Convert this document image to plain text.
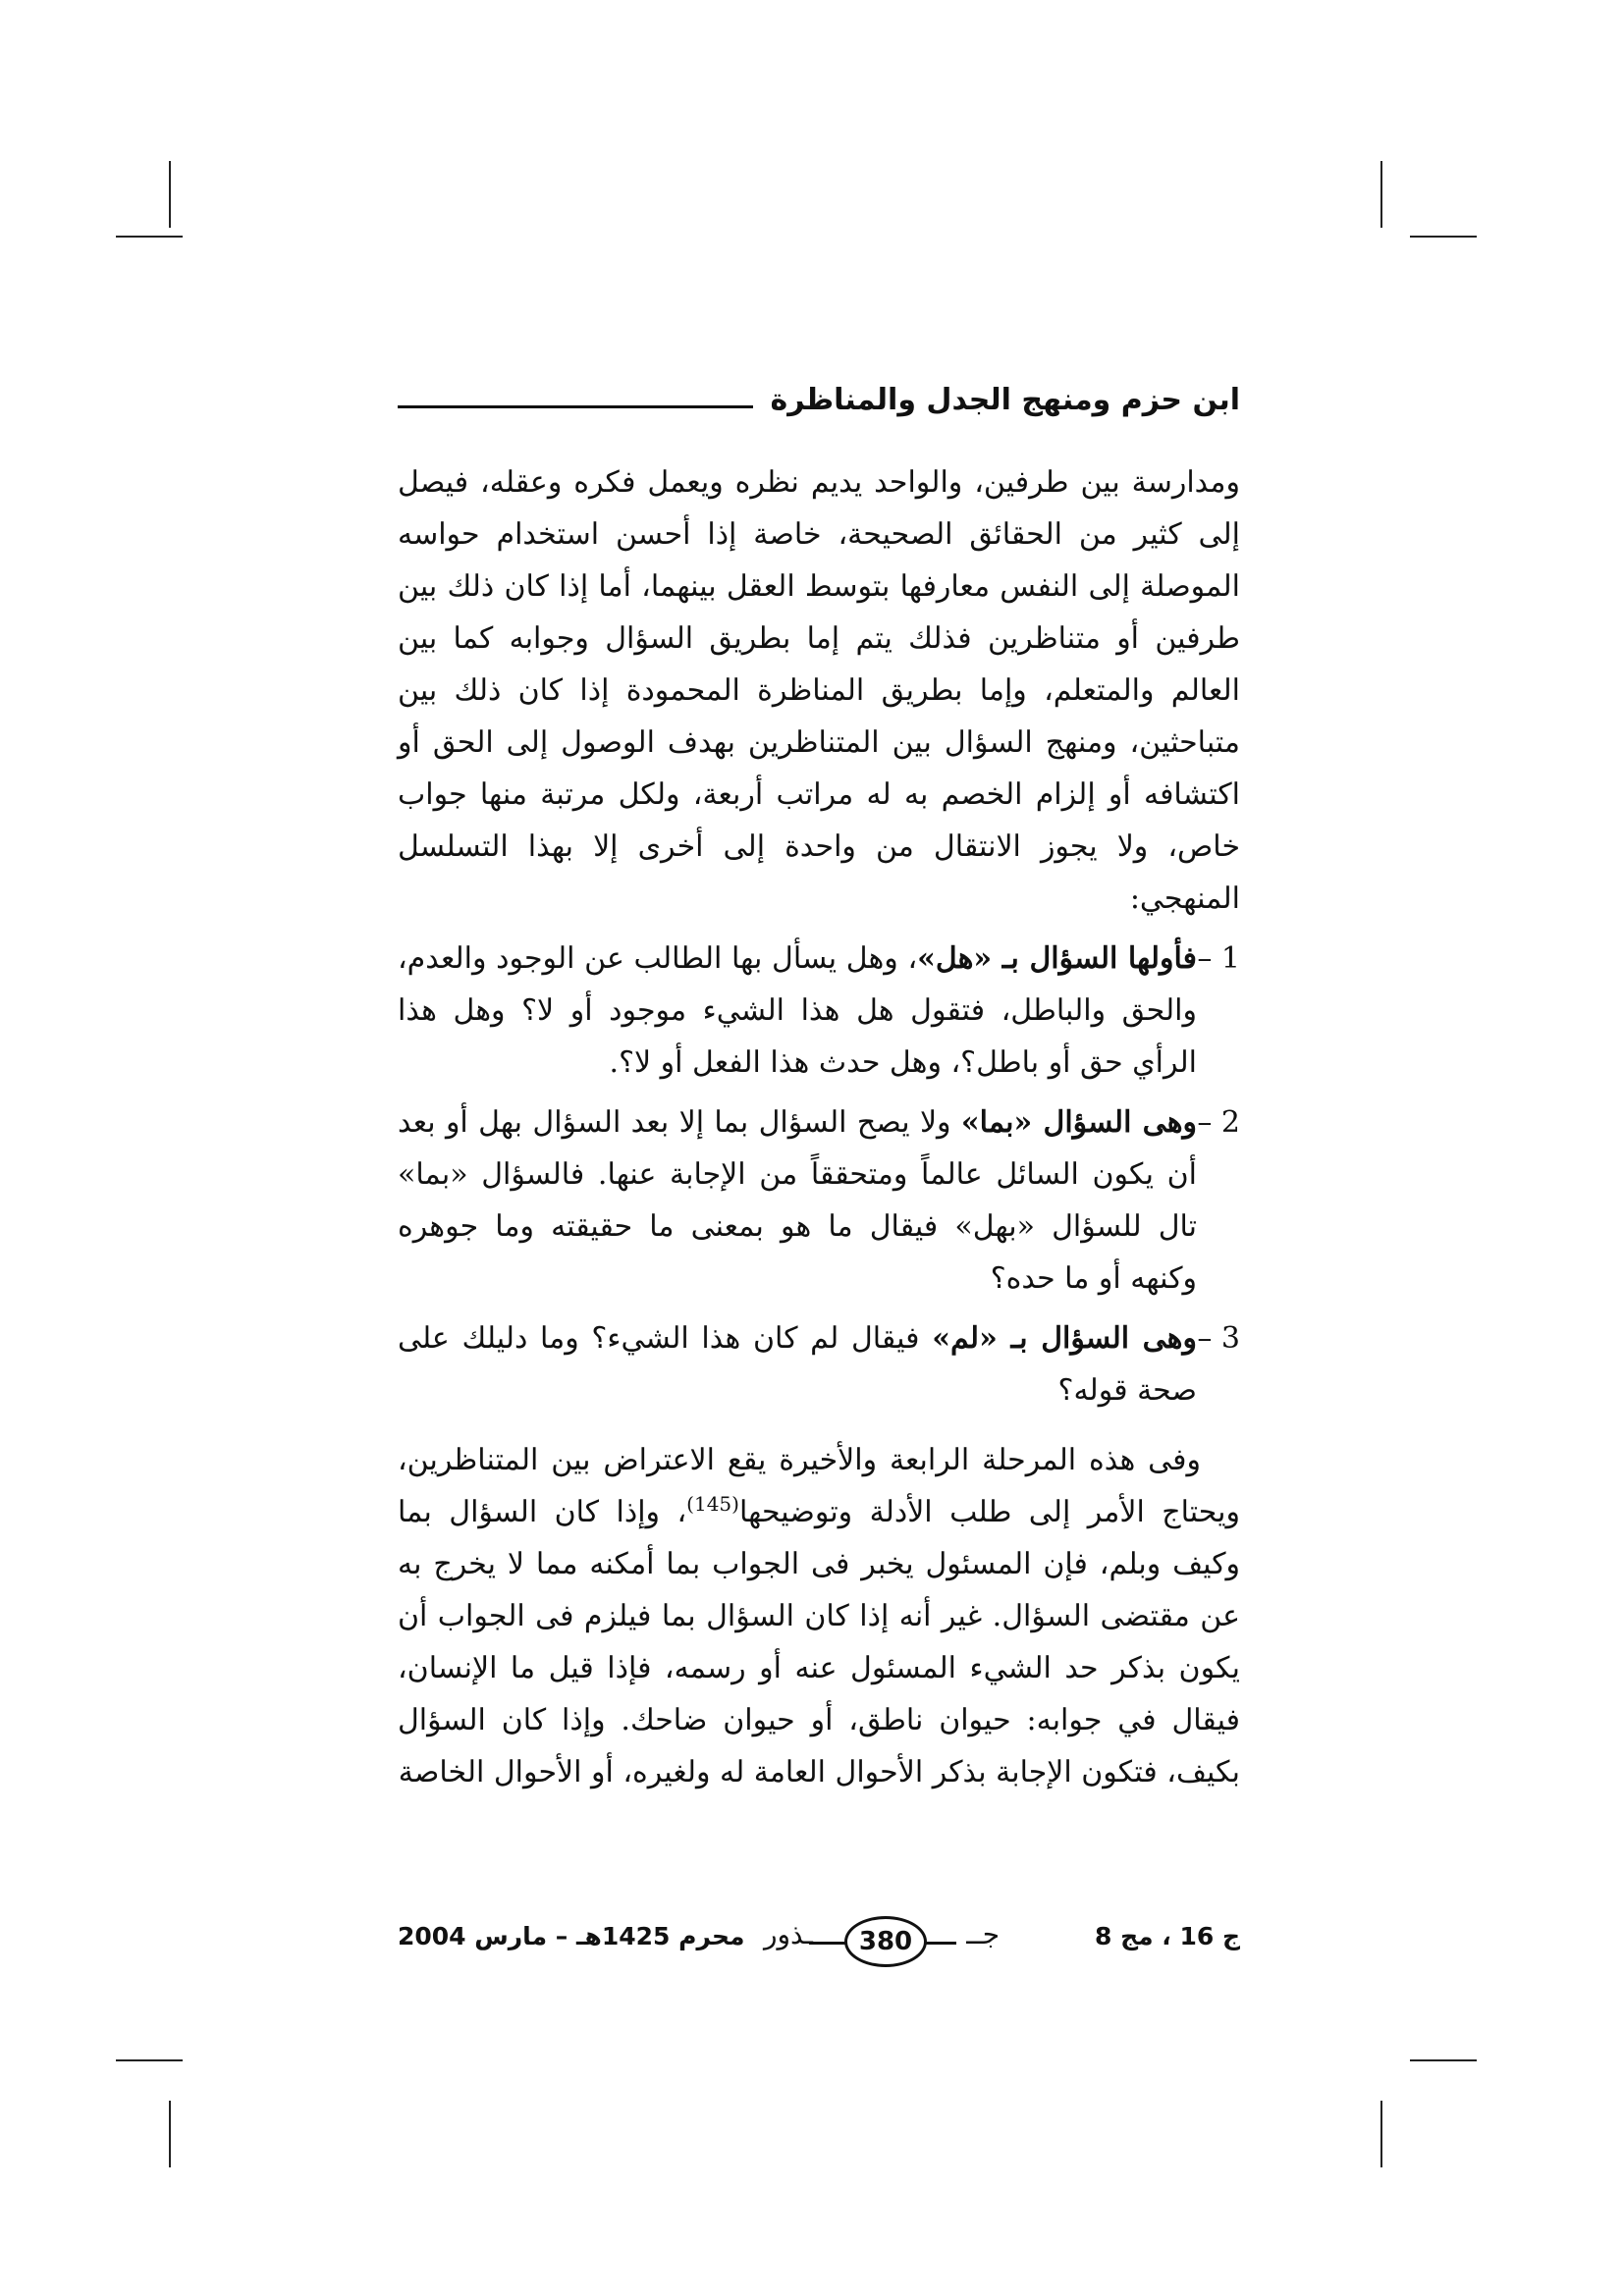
ابن حزم ومنهج الجدل والمناظرة

ومدارسة بين طرفين، والواحد يديم نظره ويعمل فكره وعقله، فيصل إلى كثير من الحقائق الصحيحة، خاصة إذا أحسن استخدام حواسه الموصلة إلى النفس معارفها بتوسط العقل بينهما، أما إذا كان ذلك بين طرفين أو متناظرين فذلك يتم إما بطريق السؤال وجوابه كما بين العالم والمتعلم، وإما بطريق المناظرة المحمودة إذا كان ذلك بين متباحثين، ومنهج السؤال بين المتناظرين بهدف الوصول إلى الحق أو اكتشافه أو إلزام الخصم به له مراتب أربعة، ولكل مرتبة منها جواب خاص، ولا يجوز الانتقال من واحدة إلى أخرى إلا بهذا التسلسل المنهجي:

1 –
فأولها السؤال بـ «هل»، وهل يسأل بها الطالب عن الوجود والعدم، والحق والباطل، فتقول هل هذا الشيء موجود أو لا؟ وهل هذا الرأي حق أو باطل؟، وهل حدث هذا الفعل أو لا؟.
2 –
وهى السؤال «بما» ولا يصح السؤال بما إلا بعد السؤال بهل أو بعد أن يكون السائل عالماً ومتحققاً من الإجابة عنها. فالسؤال «بما» تال للسؤال «بهل» فيقال ما هو بمعنى ما حقيقته وما جوهره وكنهه أو ما حده؟
3 –
وهى السؤال بـ «لم» فيقال لم كان هذا الشيء؟ وما دليلك على صحة قوله؟

وفى هذه المرحلة الرابعة والأخيرة يقع الاعتراض بين المتناظرين، ويحتاج الأمر إلى طلب الأدلة وتوضيحها$^{(145)}$، وإذا كان السؤال بما وكيف وبلم، فإن المسئول يخبر فى الجواب بما أمكنه مما لا يخرج به عن مقتضى السؤال. غير أنه إذا كان السؤال بما فيلزم فى الجواب أن يكون بذكر حد الشيء المسئول عنه أو رسمه، فإذا قيل ما الإنسان، فيقال في جوابه: حيوان ناطق، أو حيوان ضاحك. وإذا كان السؤال بكيف، فتكون الإجابة بذكر الأحوال العامة له ولغيره، أو الأحوال الخاصة

ج 16 ، مج 8
جــ
ـذور	380
محرم 1425هـ – مارس 2004
